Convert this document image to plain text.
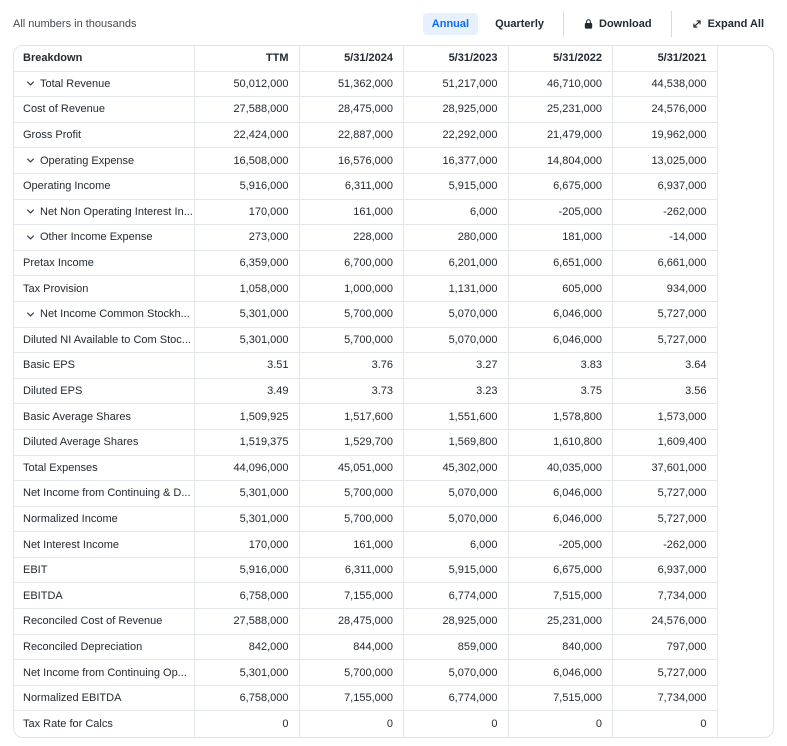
All numbers in thousands	Annual Quarterly	Download	Expand All
Breakdown	TTM	5/31/2024	5/31/2023	5/31/2022	5/31/2021
Total Revenue	50,012,000	51,362,000	51,217,000	46,710,000	44,538,000
Cost of Revenue	27,588,000	28,475,000	28,925,000	25,231,000	24,576,000
Gross Profit	22,424,000	22,887,000	22,292,000	21,479,000	19,962,000
Operating Expense	16,508,000	16,576,000	16,377,000	14,804,000	13,025,000
Operating Income	5,916,000	6,311,000	5,915,000	6,675,000	6,937,000
Net Non Operating Interest In...	170,000	161,000	6,000	-205,000	-262,000
Other Income Expense	273,000	228,000	280,000	181,000	-14,000
Pretax Income	6,359,000	6,700,000	6,201,000	6,651,000	6,661,000
Tax Provision	1,058,000	1,000,000	1,131,000	605,000	934,000
Net Income Common Stockh...	5,301,000	5,700,000	5,070,000	6,046,000	5,727,000
Diluted NI Available to Com Stoc...	5,301,000	5,700,000	5,070,000	6,046,000	5,727,000
Basic EPS	3.51	3.76	3.27	3.83	3.64
Diluted EPS	3.49	3.73	3.23	3.75	3.56
Basic Average Shares	1,509,925	1,517,600	1,551,600	1,578,800	1,573,000
Diluted Average Shares	1,519,375	1,529,700	1,569,800	1,610,800	1,609,400
Total Expenses	44,096,000	45,051,000	45,302,000	40,035,000	37,601,000
Net Income from Continuing & D...	5,301,000	5,700,000	5,070,000	6,046,000	5,727,000
Normalized Income	5,301,000	5,700,000	5,070,000	6,046,000	5,727,000
Net Interest Income	170,000	161,000	6,000	-205,000	-262,000
EBIT	5,916,000	6,311,000	5,915,000	6,675,000	6,937,000
EBITDA	6,758,000	7,155,000	6,774,000	7,515,000	7,734,000
Reconciled Cost of Revenue	27,588,000	28,475,000	28,925,000	25,231,000	24,576,000
Reconciled Depreciation	842,000	844,000	859,000	840,000	797,000
Net Income from Continuing Op...	5,301,000	5,700,000	5,070,000	6,046,000	5,727,000
Normalized EBITDA	6,758,000	7,155,000	6,774,000	7,515,000	7,734,000
Tax Rate for Calcs	0	0	0	0	0
